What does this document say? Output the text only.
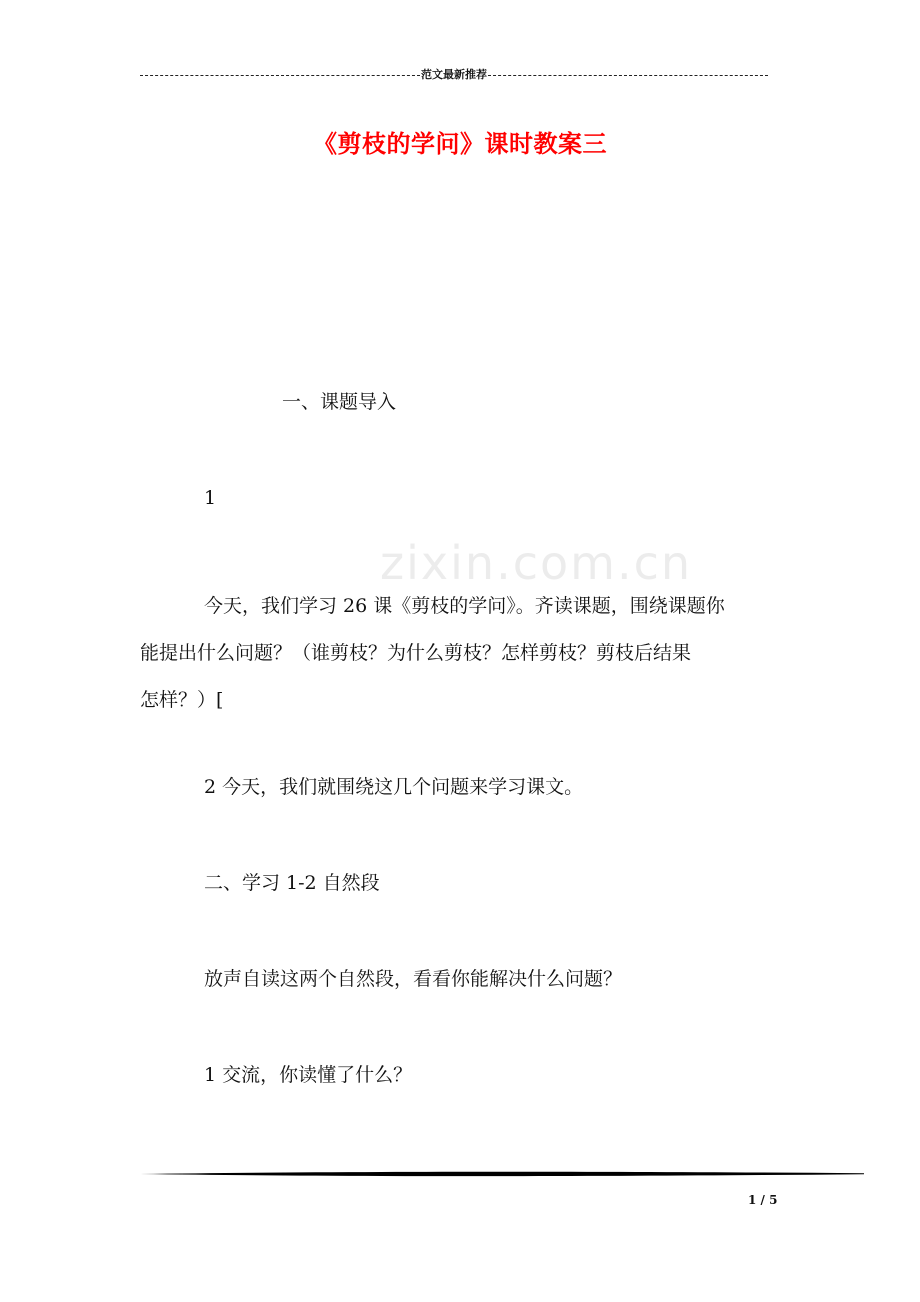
范文最新推荐
《剪枝的学问》课时教案三
一、课题导入
1
今天，我们学习 26 课《剪枝的学问》。齐读课题，围绕课题你
能提出什么问题？（谁剪枝？为什么剪枝？怎样剪枝？剪枝后结果
怎样？）[
2 今天，我们就围绕这几个问题来学习课文。
二、学习 1-2 自然段
放声自读这两个自然段，看看你能解决什么问题？
1 交流，你读懂了什么？
zixin.com.cn
1 / 5
